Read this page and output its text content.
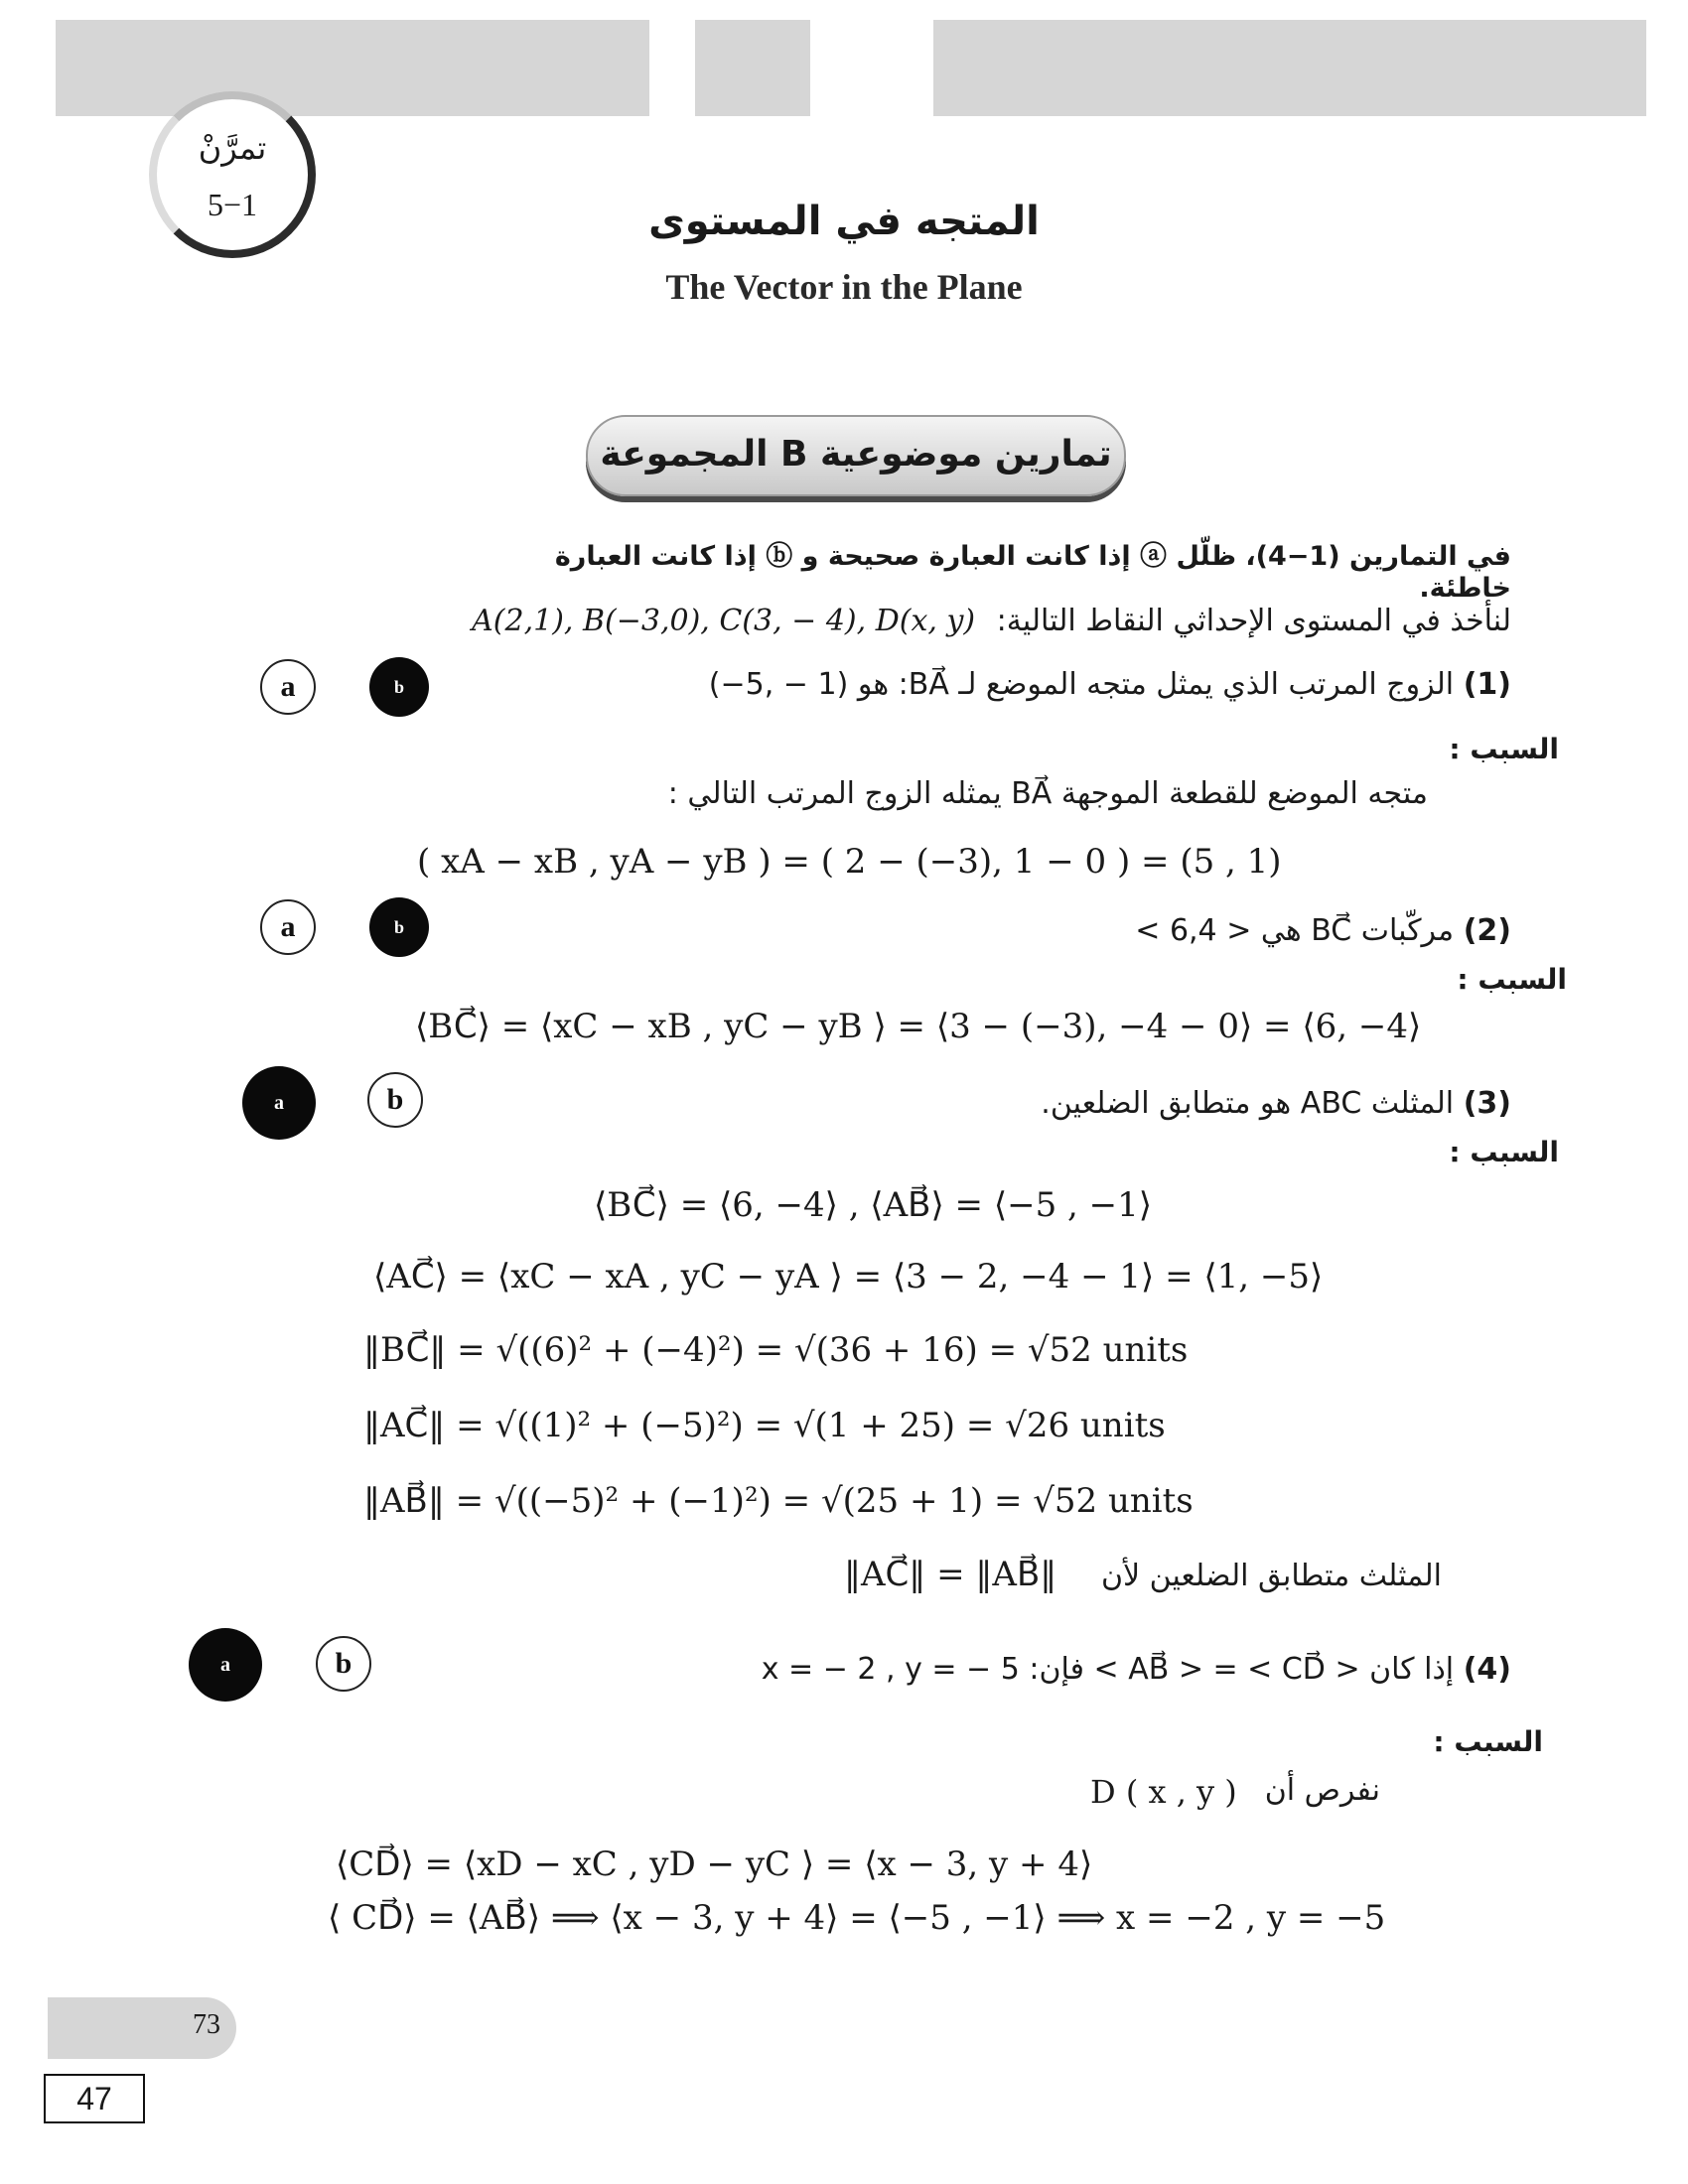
تمرَّنْ
5−1	المتجه في المستوى
The Vector in the Plane
المجموعة B تمارين موضوعية
في التمارين (1−4)، ظلّل ⓐ إذا كانت العبارة صحيحة و ⓑ إذا كانت العبارة خاطئة.
لنأخذ في المستوى الإحداثي النقاط التالية: A(2,1), B(−3,0), C(3, − 4), D(x, y)
a	b	(1) الزوج المرتب الذي يمثل متجه الموضع لـ BA⃗: هو (1 − ,5−)
السبب :
متجه الموضع للقطعة الموجهة BA⃗ يمثله الزوج المرتب التالي :
( xA − xB , yA − yB ) = ( 2 − (−3), 1 − 0 ) = (5 , 1)
a	b	(2) مركّبات BC⃗ هي < 6,4 >
السبب :
⟨BC⃗⟩ = ⟨xC − xB , yC − yB ⟩ = ⟨3 − (−3), −4 − 0⟩ = ⟨6, −4⟩
a	b	(3) المثلث ABC هو متطابق الضلعين.
السبب :
⟨BC⃗⟩ = ⟨6, −4⟩ , ⟨AB⃗⟩ = ⟨−5 , −1⟩
⟨AC⃗⟩ = ⟨xC − xA , yC − yA ⟩ = ⟨3 − 2, −4 − 1⟩ = ⟨1, −5⟩
‖BC⃗‖ = √((6)² + (−4)²) = √(36 + 16) = √52 units
‖AC⃗‖ = √((1)² + (−5)²) = √(1 + 25) = √26 units
‖AB⃗‖ = √((−5)² + (−1)²) = √(25 + 1) = √52 units
المثلث متطابق الضلعين لأن
‖AC⃗‖ = ‖AB⃗‖
a	b	(4) إذا كان < AB⃗ > = < CD⃗ > فإن: x = − 2 , y = − 5
السبب :
نفرص أن
D ( x , y )
⟨CD⃗⟩ = ⟨xD − xC , yD − yC ⟩ = ⟨x − 3, y + 4⟩
⟨ CD⃗⟩ = ⟨AB⃗⟩ ⟹ ⟨x − 3, y + 4⟩ = ⟨−5 , −1⟩ ⟹ x = −2 , y = −5
73
47
